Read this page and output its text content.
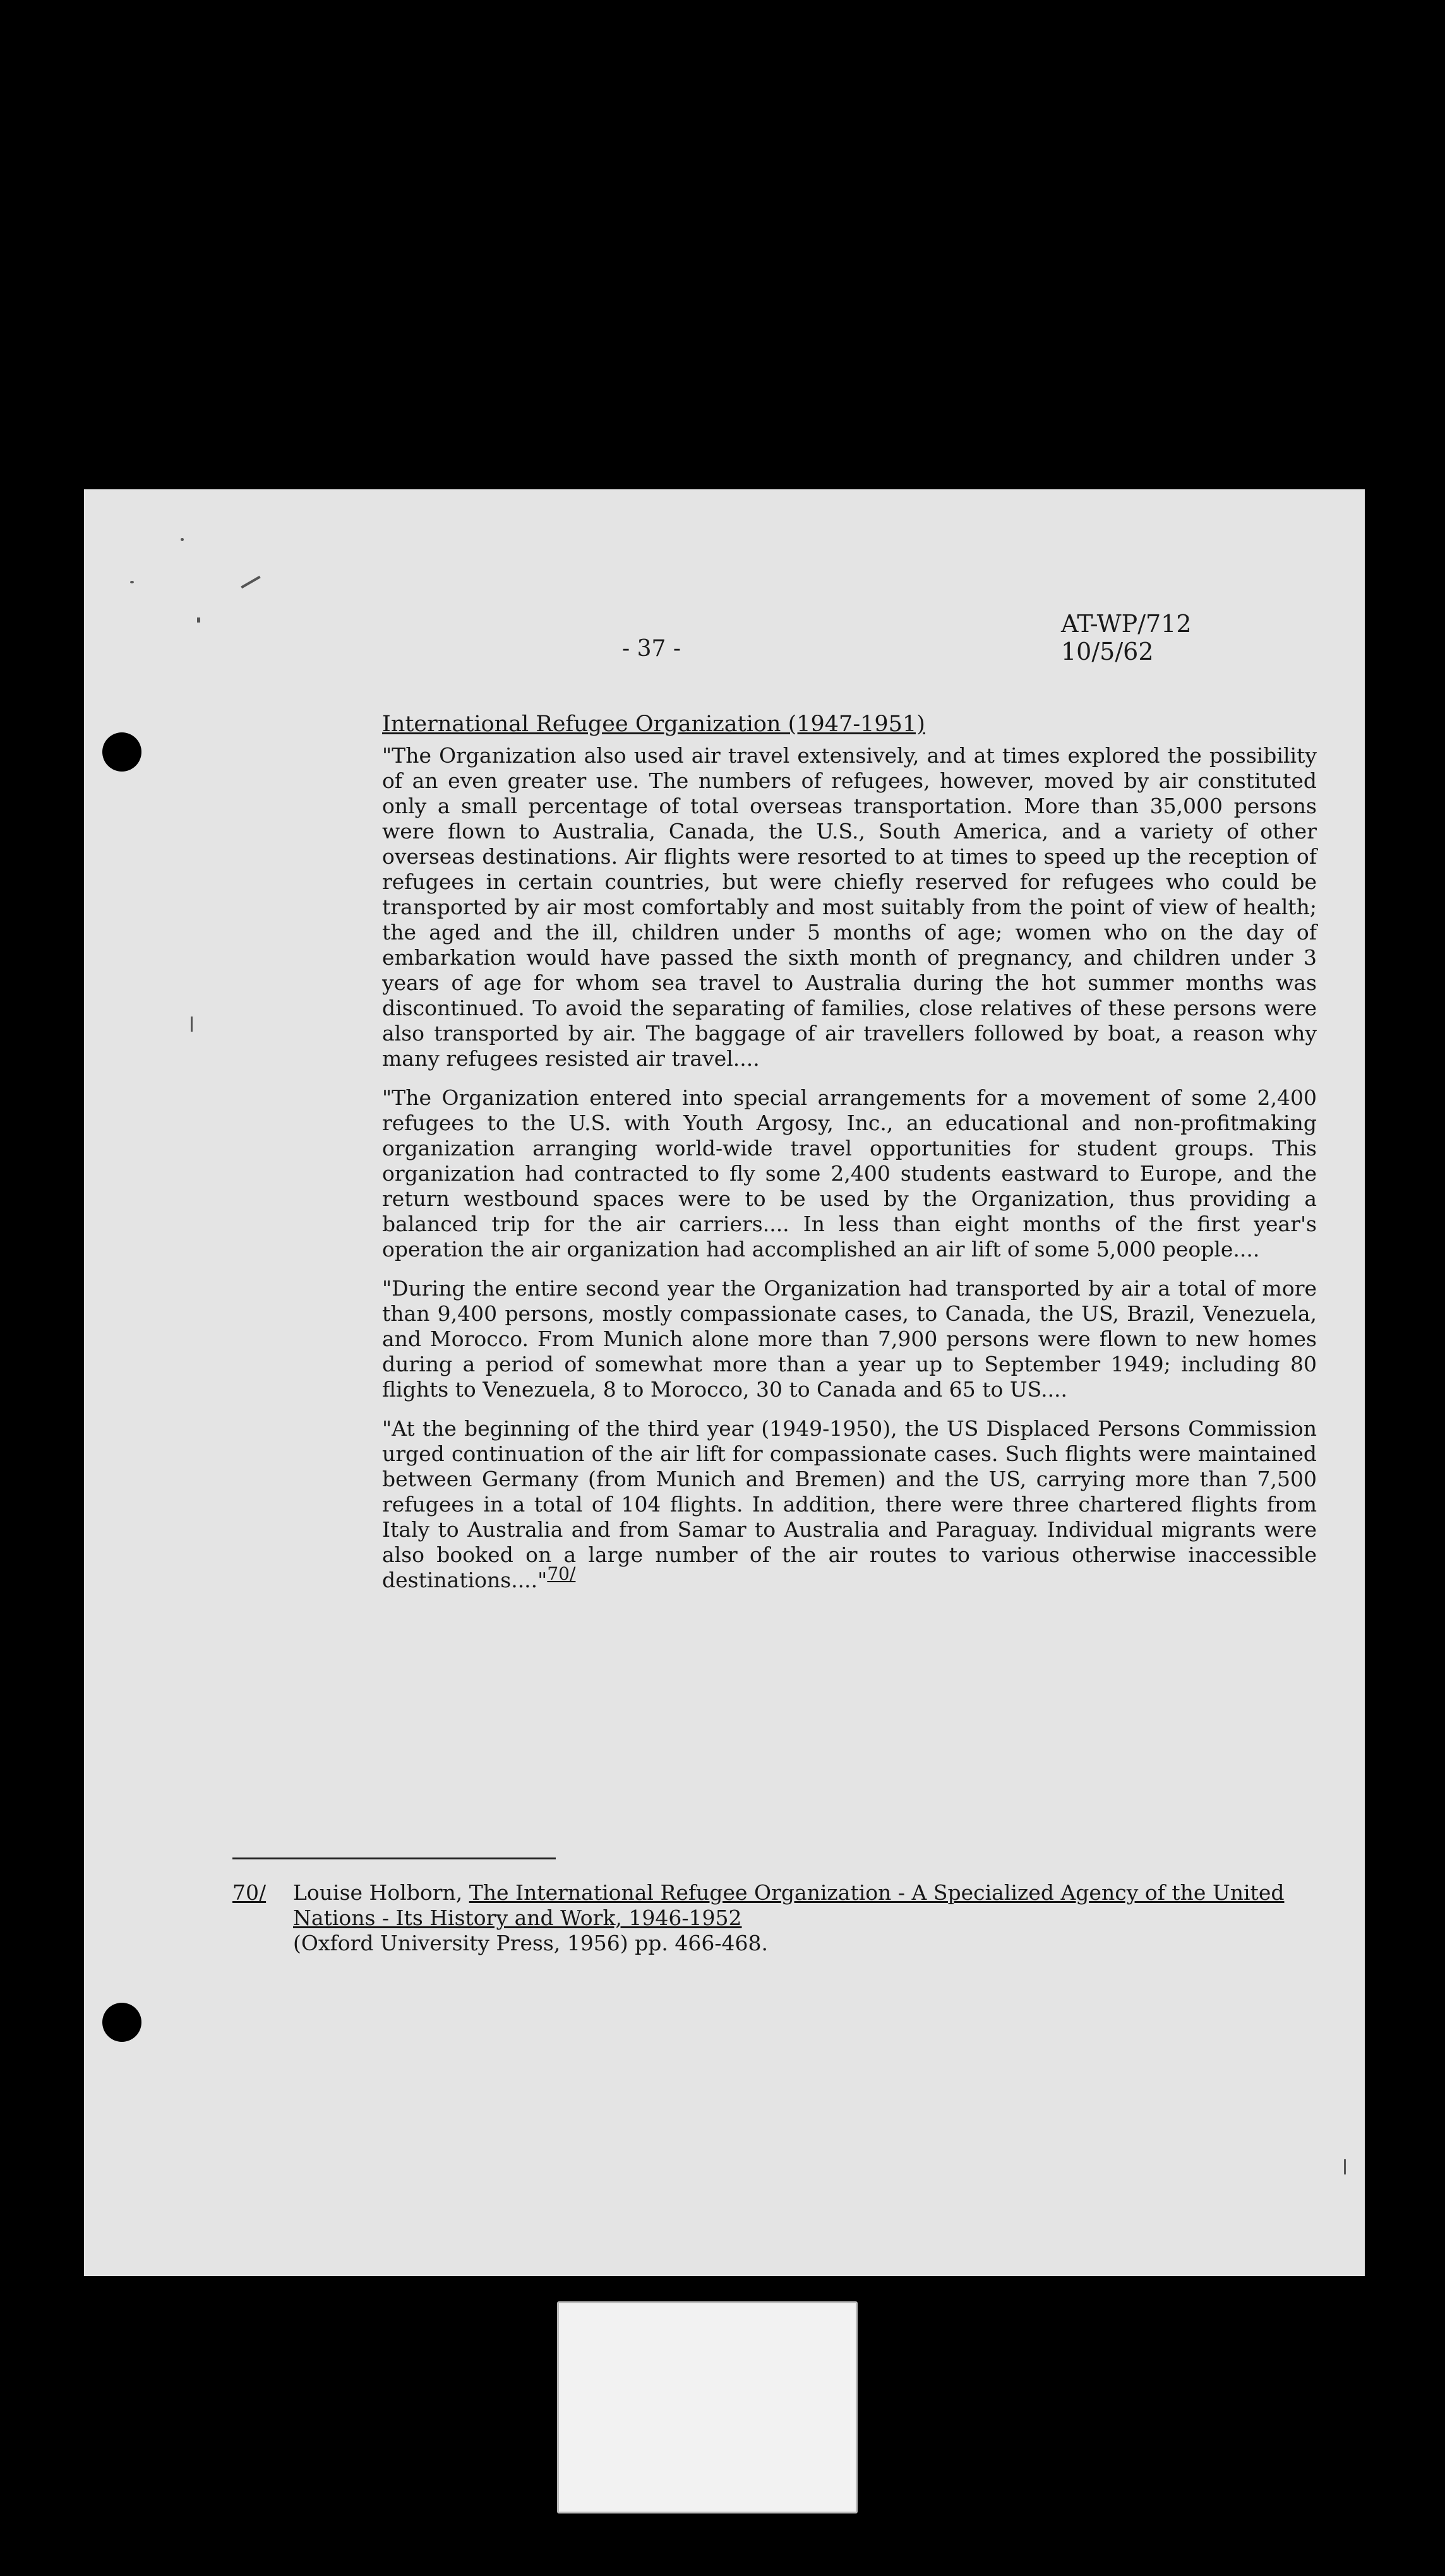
- 37 -
AT-WP/712
10/5/62
International Refugee Organization (1947-1951)

"The Organization also used air travel extensively, and at times explored the possibility of an even greater use. The numbers of refugees, however, moved by air constituted only a small percentage of total overseas transportation. More than 35,000 persons were flown to Australia, Canada, the U.S., South America, and a variety of other overseas destinations. Air flights were resorted to at times to speed up the reception of refugees in certain countries, but were chiefly reserved for refugees who could be transported by air most comfortably and most suitably from the point of view of health; the aged and the ill, children under 5 months of age; women who on the day of embarkation would have passed the sixth month of pregnancy, and children under 3 years of age for whom sea travel to Australia during the hot summer months was discontinued. To avoid the separating of families, close relatives of these persons were also transported by air. The baggage of air travellers followed by boat, a reason why many refugees resisted air travel....

"The Organization entered into special arrangements for a movement of some 2,400 refugees to the U.S. with Youth Argosy, Inc., an educational and non-profitmaking organization arranging world-wide travel opportunities for student groups. This organization had contracted to fly some 2,400 students eastward to Europe, and the return westbound spaces were to be used by the Organization, thus providing a balanced trip for the air carriers.... In less than eight months of the first year's operation the air organization had accomplished an air lift of some 5,000 people....

"During the entire second year the Organization had transported by air a total of more than 9,400 persons, mostly compassionate cases, to Canada, the US, Brazil, Venezuela, and Morocco. From Munich alone more than 7,900 persons were flown to new homes during a period of somewhat more than a year up to September 1949; including 80 flights to Venezuela, 8 to Morocco, 30 to Canada and 65 to US....

"At the beginning of the third year (1949-1950), the US Displaced Persons Commission urged continuation of the air lift for compassionate cases. Such flights were maintained between Germany (from Munich and Bremen) and the US, carrying more than 7,500 refugees in a total of 104 flights. In addition, there were three chartered flights from Italy to Australia and from Samar to Australia and Paraguay. Individual migrants were also booked on a large number of the air routes to various otherwise inaccessible destinations...."$^{70/}$

70/ Louise Holborn, The International Refugee Organization - A Specialized Agency of the United Nations - Its History and Work, 1946-1952
(Oxford University Press, 1956) pp. 466-468.
